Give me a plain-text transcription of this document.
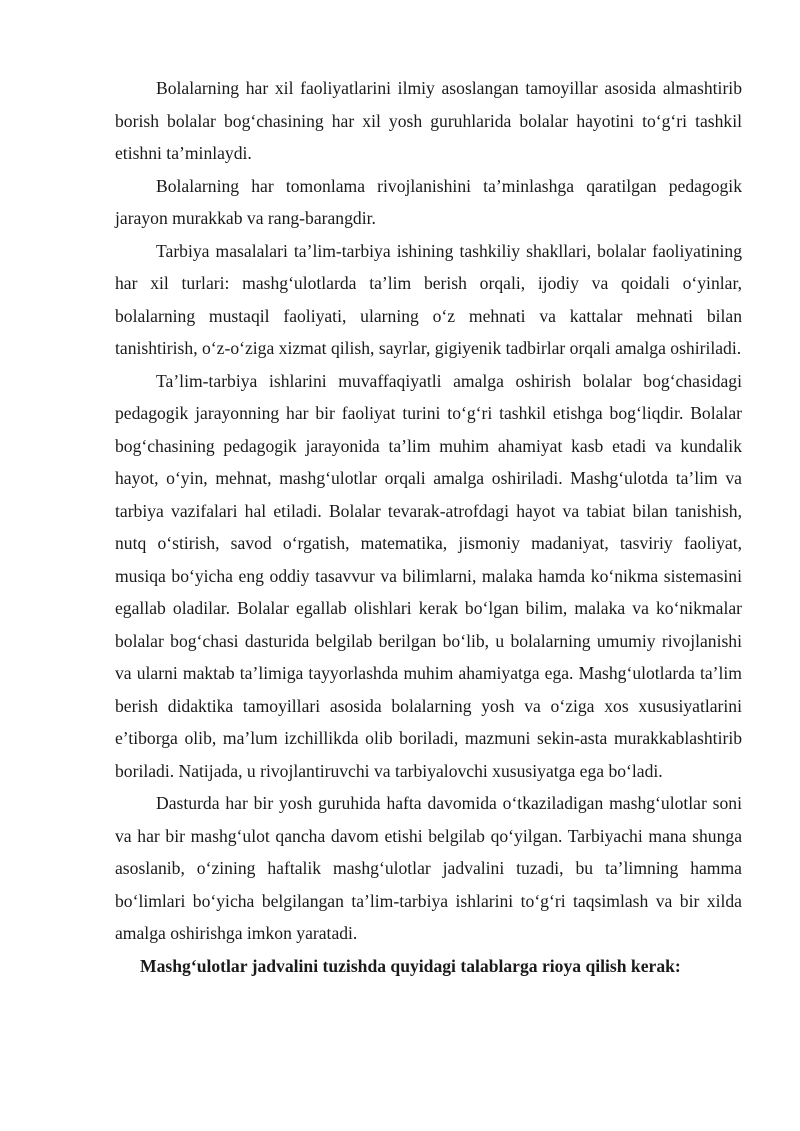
Bolalarning har xil faoliyatlarini ilmiy asoslangan tamoyillar asosida almashtirib borish bolalar bog‘chasining har xil yosh guruhlarida bolalar hayotini to‘g‘ri tashkil etishni ta’minlaydi.

Bolalarning har tomonlama rivojlanishini ta’minlashga qaratilgan pedagogik jarayon murakkab va rang-barangdir.

Tarbiya masalalari ta’lim-tarbiya ishining tashkiliy shakllari, bolalar faoliyatining har xil turlari: mashg‘ulotlarda ta’lim berish orqali, ijodiy va qoidali o‘yinlar, bolalarning mustaqil faoliyati, ularning o‘z mehnati va kattalar mehnati bilan tanishtirish, o‘z-o‘ziga xizmat qilish, sayrlar, gigiyenik tadbirlar orqali amalga oshiriladi.

Ta’lim-tarbiya ishlarini muvaffaqiyatli amalga oshirish bolalar bog‘chasidagi pedagogik jarayonning har bir faoliyat turini to‘g‘ri tashkil etishga bog‘liqdir. Bolalar bog‘chasining pedagogik jarayonida ta’lim muhim ahamiyat kasb etadi va kundalik hayot, o‘yin, mehnat, mashg‘ulotlar orqali amalga oshiriladi. Mashg‘ulotda ta’lim va tarbiya vazifalari hal etiladi. Bolalar tevarak-atrofdagi hayot va tabiat bilan tanishish, nutq o‘stirish, savod o‘rgatish, matematika, jismoniy madaniyat, tasviriy faoliyat, musiqa bo‘yicha eng oddiy tasavvur va bilimlarni, malaka hamda ko‘nikma sistemasini egallab oladilar. Bolalar egallab olishlari kerak bo‘lgan bilim, malaka va ko‘nikmalar bolalar bog‘chasi dasturida belgilab berilgan bo‘lib, u bolalarning umumiy rivojlanishi va ularni maktab ta’limiga tayyorlashda muhim ahamiyatga ega. Mashg‘ulotlarda ta’lim berish didaktika tamoyillari asosida bolalarning yosh va o‘ziga xos xususiyatlarini e’tiborga olib, ma’lum izchillikda olib boriladi, mazmuni sekin-asta murakkablashtirib boriladi. Natijada, u rivojlantiruvchi va tarbiyalovchi xususiyatga ega bo‘ladi.

Dasturda har bir yosh guruhida hafta davomida o‘tkaziladigan mashg‘ulotlar soni va har bir mashg‘ulot qancha davom etishi belgilab qo‘yilgan. Tarbiyachi mana shunga asoslanib, o‘zining haftalik mashg‘ulotlar jadvalini tuzadi, bu ta’limning hamma bo‘limlari bo‘yicha belgilangan ta’lim-tarbiya ishlarini to‘g‘ri taqsimlash va bir xilda amalga oshirishga imkon yaratadi.

Mashg‘ulotlar jadvalini tuzishda quyidagi talablarga rioya qilish kerak:
